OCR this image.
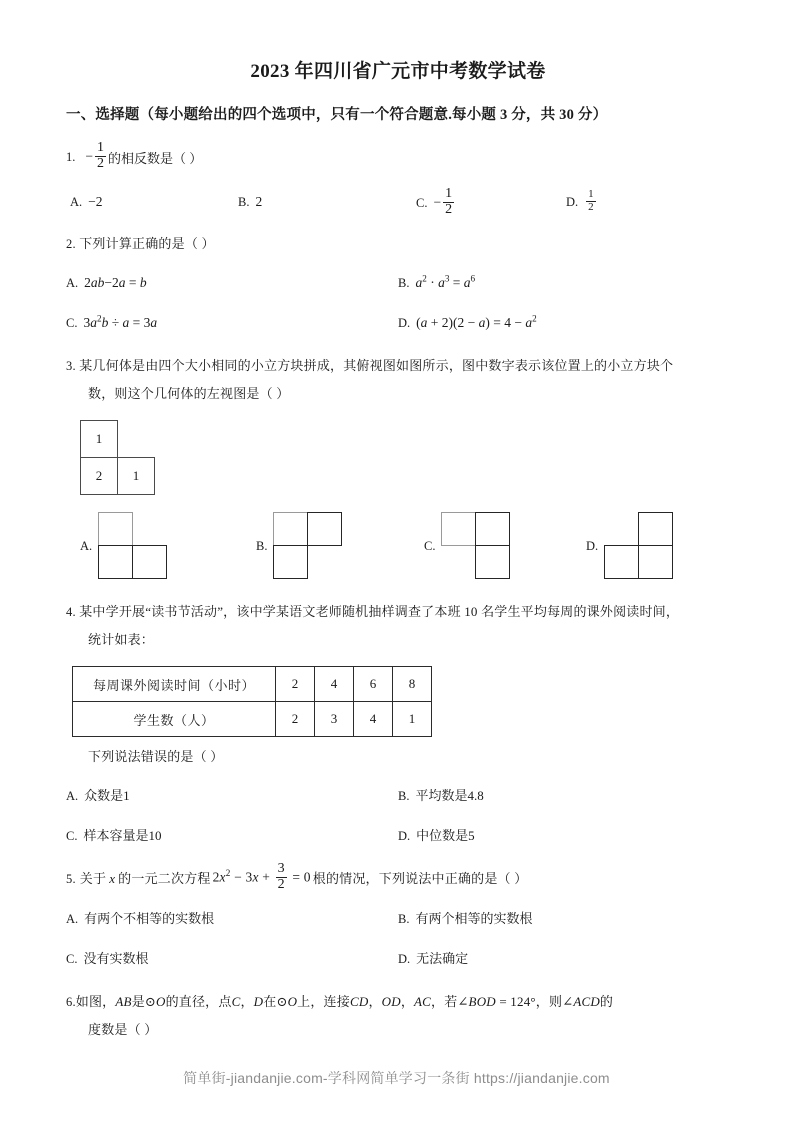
2023 年四川省广元市中考数学试卷
一、选择题（每小题给出的四个选项中，只有一个符合题意.每小题 3 分，共 30 分）
1. − $\frac{1}{2}$ 的相反数是（ ）
A. −2	B. 2	C. − $\frac{1}{2}$	D. $\frac{1}{2}$
2. 下列计算正确的是（ ）
A. 2ab−2a = b	B. $a^2 \cdot a^3 = a^6$
C. $3a^2b \div a = 3a$	D. $(a + 2)(2 - a) = 4 - a^2$
3. 某几何体是由四个大小相同的小立方块拼成，其俯视图如图所示，图中数字表示该位置上的小立方块个
数，则这个几何体的左视图是（ ）
1
2	1
A.	B.	C.	D.
4. 某中学开展“读书节活动”，该中学某语文老师随机抽样调查了本班 10 名学生平均每周的课外阅读时间，
统计如表：
每周课外阅读时间（小时）	2	4	6	8
学生数（人）	2	3	4	1
下列说法错误的是（ ）
A. 众数是1	B. 平均数是4.8
C. 样本容量是10	D. 中位数是5
5. 关于 x 的一元二次方程 $2x^2 - 3x + \frac{3}{2} = 0$ 根的情况，下列说法中正确的是（ ）
A. 有两个不相等的实数根	B. 有两个相等的实数根
C. 没有实数根	D. 无法确定
6.如图，AB是⊙O的直径，点C，D在⊙O上，连接CD，OD，AC，若∠BOD = 124°，则∠ACD的
度数是（ ）
简单街-jiandanjie.com-学科网简单学习一条街 https://jiandanjie.com
